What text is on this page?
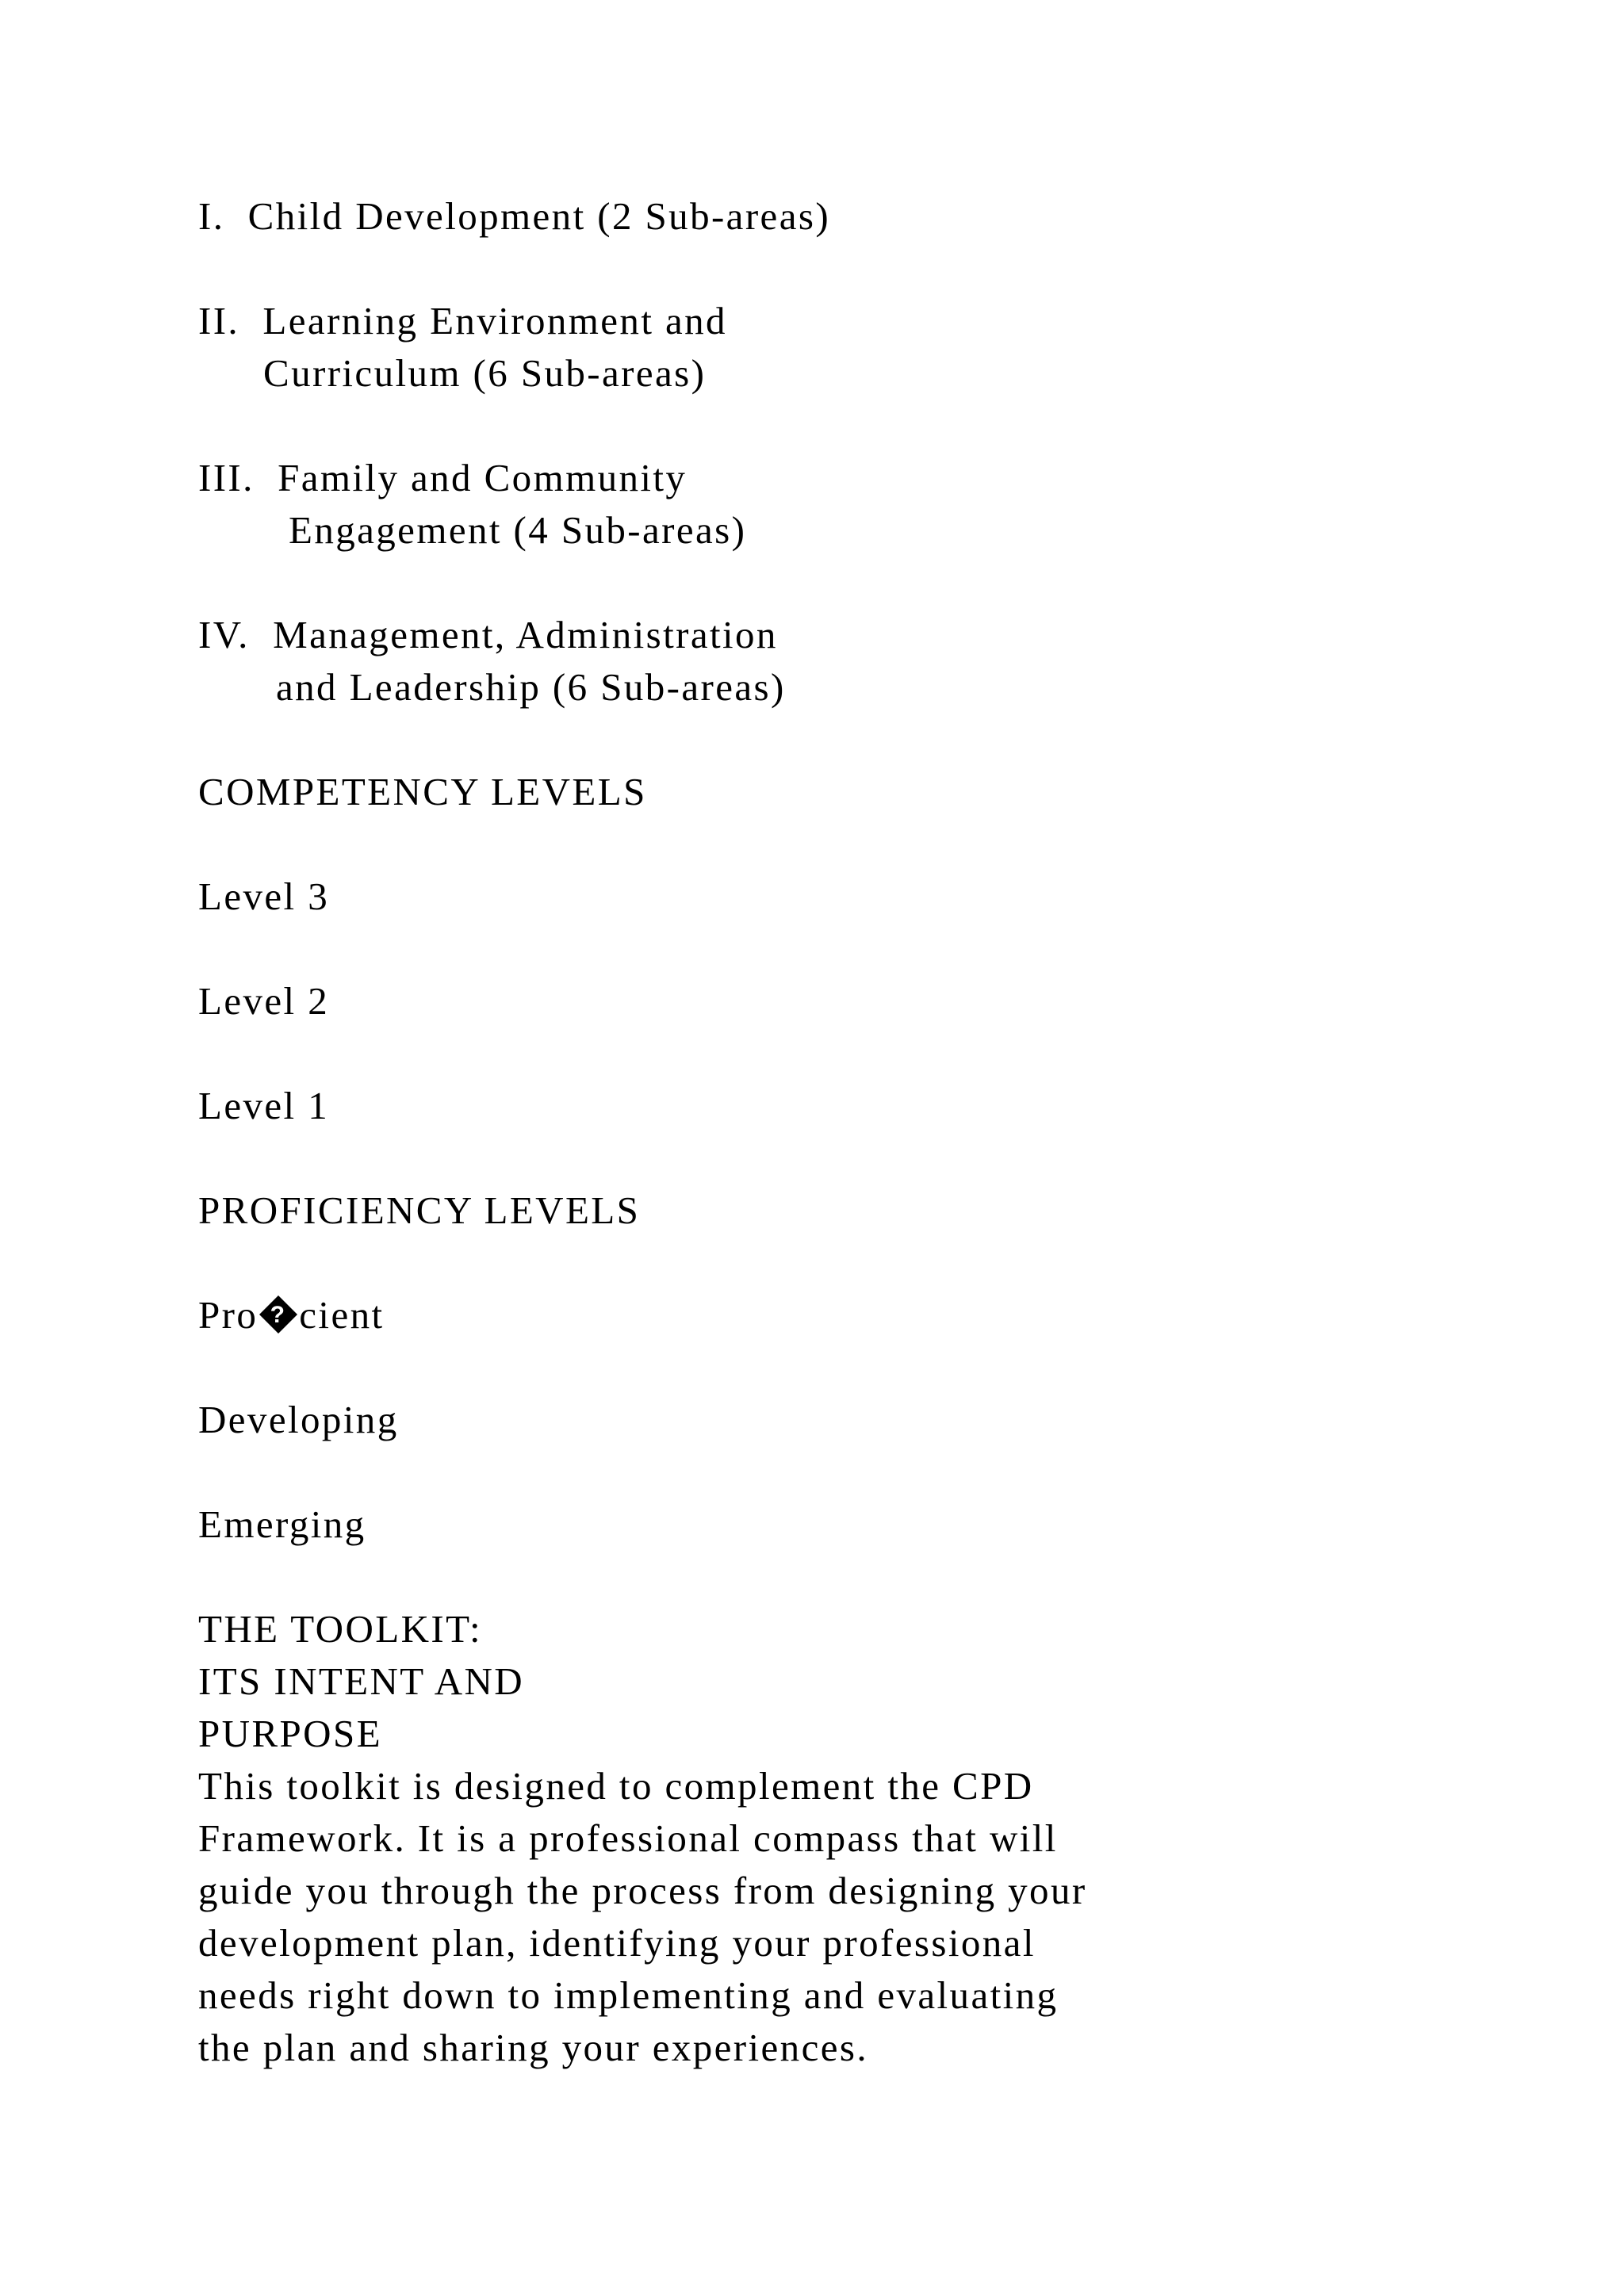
I.  Child Development (2 Sub-areas)
II.  Learning Environment and
Curriculum (6 Sub-areas)
III.  Family and Community
Engagement (4 Sub-areas)
IV.  Management, Administration
and Leadership (6 Sub-areas)
COMPETENCY LEVELS
Level 3
Level 2
Level 1
PROFICIENCY LEVELS
Pro ? cient
Developing
Emerging
THE TOOLKIT:
ITS INTENT AND
PURPOSE
This toolkit is designed to complement the CPD
Framework. It is a professional compass that will
guide you through the process from designing your
development plan, identifying your professional
needs right down to implementing and evaluating
the plan and sharing your experiences.
